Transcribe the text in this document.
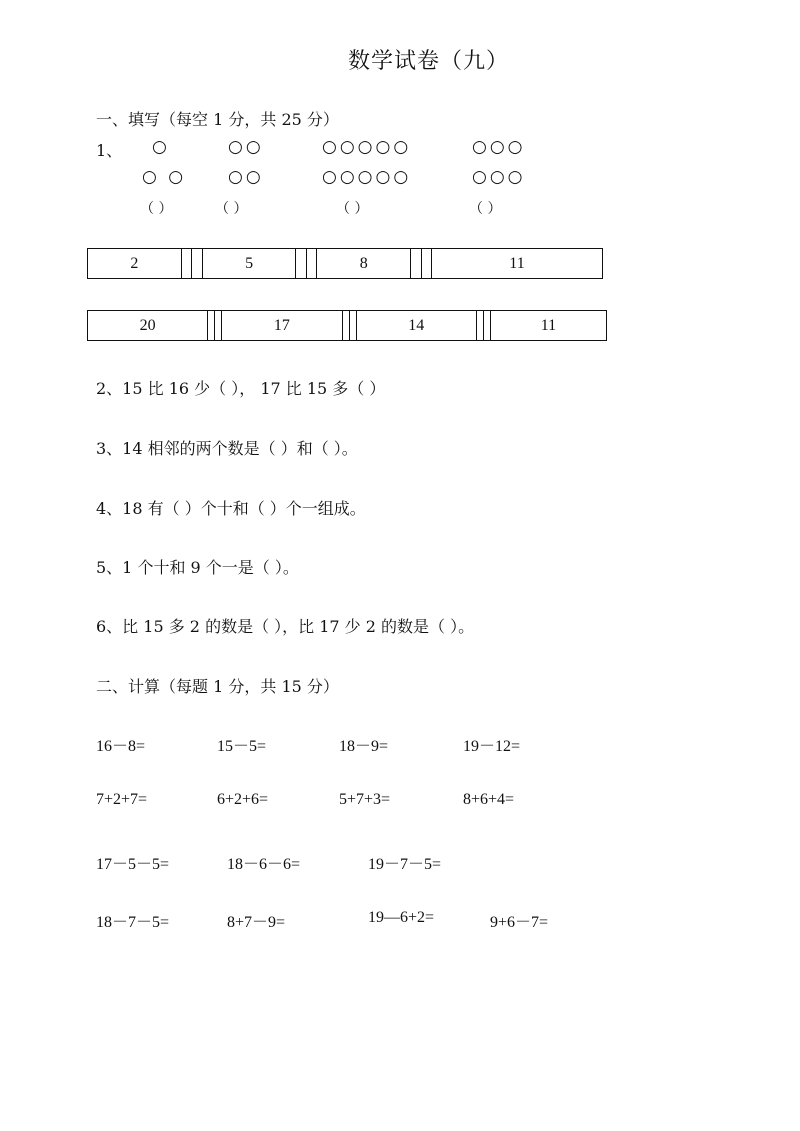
数学试卷（九）
一、填写（每空 1 分，共 25 分）
1、 ○
○ ○
（ ）
○○
○○
（ ）
○○○○○
○○○○○
（ ）
○○○
○○○
（ ）
2			5			8			11
20			17			14			11
2、15 比 16 少（ ）， 17 比 15 多（ ）
3、14 相邻的两个数是（ ）和（ ）。
4、18 有（ ）个十和（ ）个一组成。
5、1 个十和 9 个一是（ ）。
6、比 15 多 2 的数是（ ），比 17 少 2 的数是（ ）。
二、计算（每题 1 分，共 15 分）
16－8=	15－5=	18－9=	19－12=
7+2+7=	6+2+6=	5+7+3=	8+6+4=
17－5－5=	18－6－6=	19－7－5=
18－7－5=	8+7－9=	19—6+2=	9+6－7=
